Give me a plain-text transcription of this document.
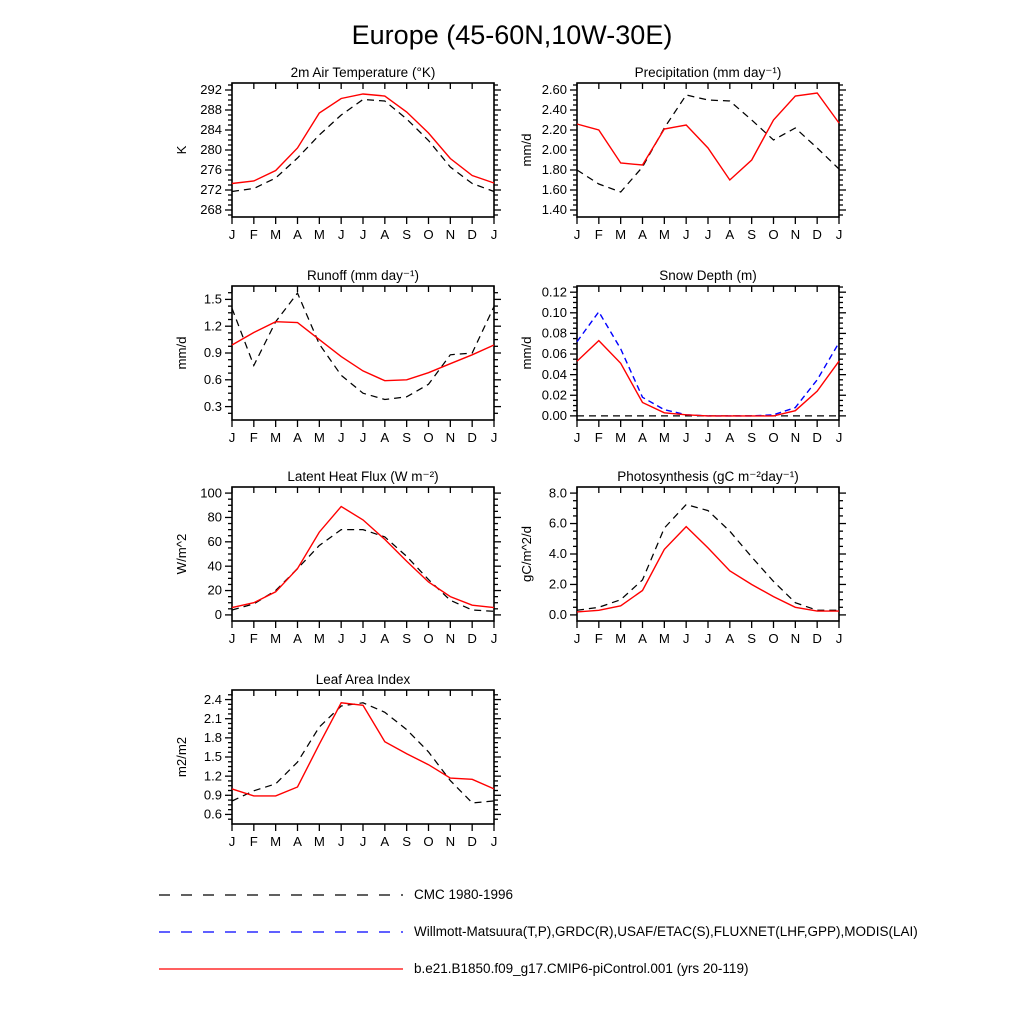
Europe (45-60N,10W-30E)
2m Air Temperature (°K)
K
268
272
276
280
284
288
292
J F M A M J J A S O N D J
Precipitation (mm day⁻¹)
mm/d
1.40
1.60
1.80
2.00
2.20
2.40
2.60
J F M A M J J A S O N D J
Runoff (mm day⁻¹)
mm/d
0.3
0.6
0.9
1.2
1.5
J F M A M J J A S O N D J
Snow Depth (m)
mm/d
0.00
0.02
0.04
0.06
0.08
0.10
0.12
J F M A M J J A S O N D J
Latent Heat Flux (W m⁻²)
W/m^2
0
20
40
60
80
100
J F M A M J J A S O N D J
Photosynthesis (gC m⁻²day⁻¹)
gC/m^2/d
0.0
2.0
4.0
6.0
8.0
J F M A M J J A S O N D J
Leaf Area Index
m2/m2
0.6
0.9
1.2
1.5
1.8
2.1
2.4
J F M A M J J A S O N D J
CMC 1980-1996
Willmott-Matsuura(T,P),GRDC(R),USAF/ETAC(S),FLUXNET(LHF,GPP),MODIS(LAI)
b.e21.B1850.f09_g17.CMIP6-piControl.001 (yrs 20-119)
